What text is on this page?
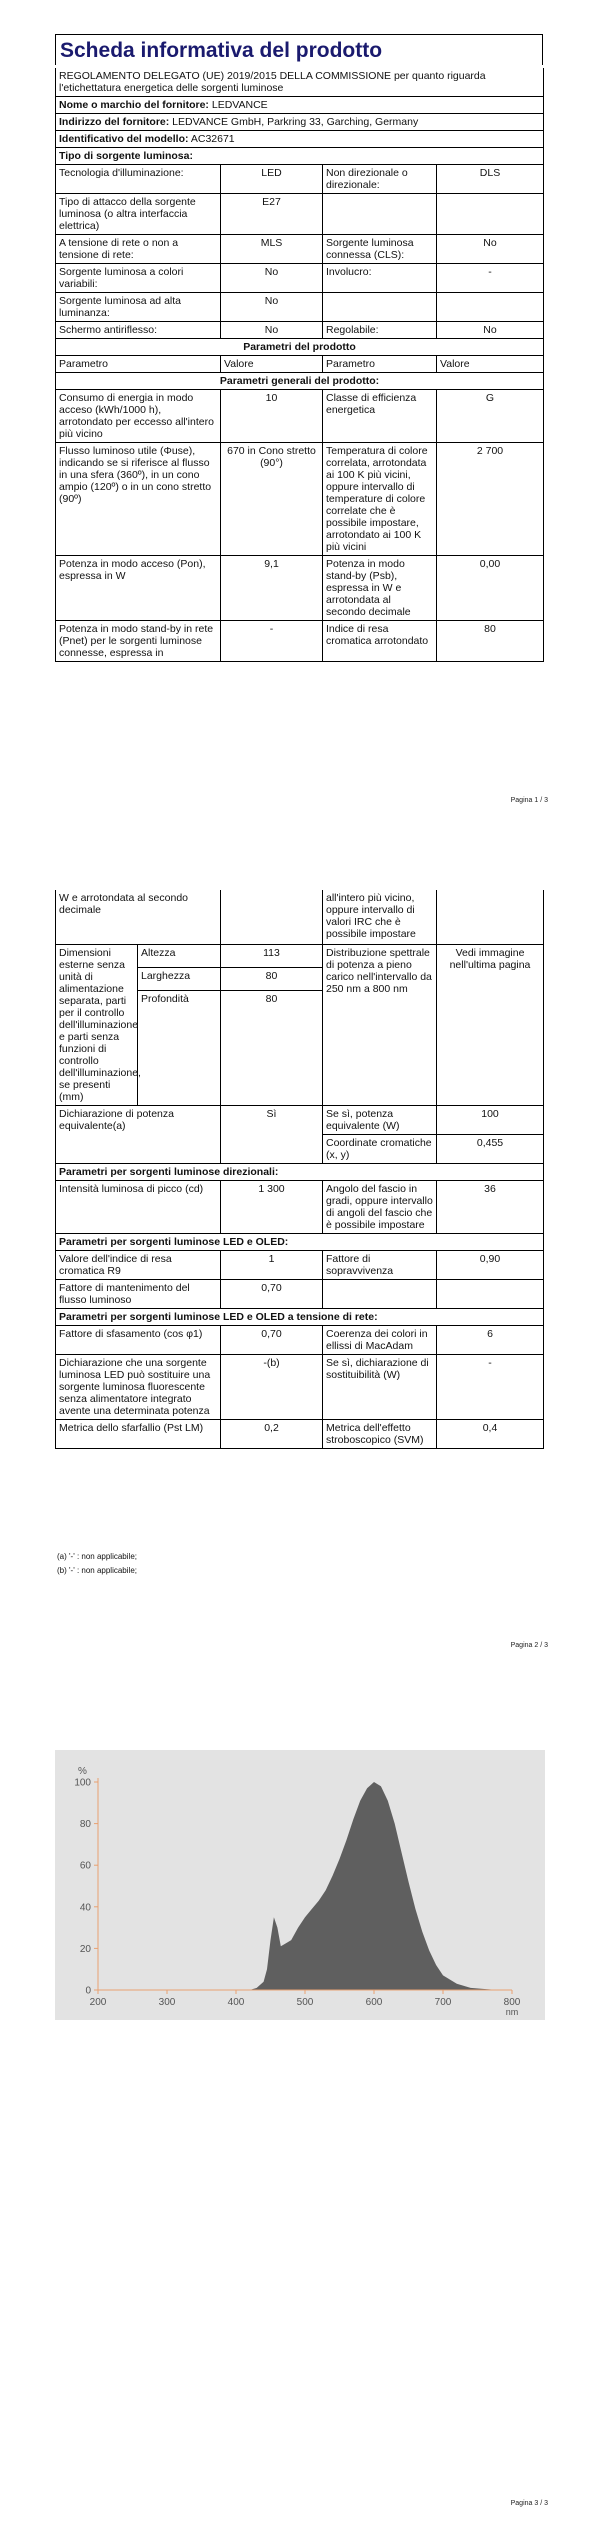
Scheda informativa del prodotto
REGOLAMENTO DELEGATO (UE) 2019/2015 DELLA COMMISSIONE per quanto riguarda l'etichettatura energetica delle sorgenti luminose			
Nome o marchio del fornitore: LEDVANCE			
Indirizzo del fornitore: LEDVANCE GmbH, Parkring 33, Garching, Germany			
Identificativo del modello: AC32671			
Tipo di sorgente luminosa:			
Tecnologia d'illuminazione:	LED	Non direzionale o direzionale:	DLS
Tipo di attacco della sorgente luminosa (o altra interfaccia elettrica)	E27		
A tensione di rete o non a tensione di rete:	MLS	Sorgente luminosa connessa (CLS):	No
Sorgente luminosa a colori variabili:	No	Involucro:	-
Sorgente luminosa ad alta luminanza:	No		
Schermo antiriflesso:	No	Regolabile:	No
Parametri del prodotto			
Parametro	Valore	Parametro	Valore
Parametri generali del prodotto:			
Consumo di energia in modo acceso (kWh/1000 h), arrotondato per eccesso all'intero più vicino	10	Classe di efficienza energetica	G
Flusso luminoso utile (Φuse), indicando se si riferisce al flusso in una sfera (360º), in un cono ampio (120º) o in un cono stretto (90º)	670 in Cono stretto (90°)	Temperatura di colore correlata, arrotondata ai 100 K più vicini, oppure intervallo di temperature di colore correlate che è possibile impostare, arrotondato ai 100 K più vicini	2 700
Potenza in modo acceso (Pon), espressa in W	9,1	Potenza in modo stand-by (Psb), espressa in W e arrotondata al secondo decimale	0,00
Potenza in modo stand-by in rete (Pnet) per le sorgenti luminose connesse, espressa in	-	Indice di resa cromatica arrotondato	80
Pagina 1 / 3
W e arrotondata al secondo decimale			all'intero più vicino, oppure intervallo di valori IRC che è possibile impostare	
Dimensioni esterne senza unità di alimentazione separata, parti per il controllo dell'illuminazione e parti senza funzioni di controllo dell'illuminazione, se presenti (mm)	Altezza	113	Distribuzione spettrale di potenza a pieno carico nell'intervallo da 250 nm a 800 nm	Vedi immagine nell'ultima pagina
	Larghezza	80		
	Profondità	80		
Dichiarazione di potenza equivalente(a)		Sì	Se sì, potenza equivalente (W)	100
			Coordinate cromatiche (x, y)	0,455
Parametri per sorgenti luminose direzionali:				
Intensità luminosa di picco (cd)		1 300	Angolo del fascio in gradi, oppure intervallo di angoli del fascio che è possibile impostare	36
Parametri per sorgenti luminose LED e OLED:				
Valore dell'indice di resa cromatica R9		1	Fattore di sopravvivenza	0,90
Fattore di mantenimento del flusso luminoso		0,70		
Parametri per sorgenti luminose LED e OLED a tensione di rete:				
Fattore di sfasamento (cos φ1)		0,70	Coerenza dei colori in ellissi di MacAdam	6
Dichiarazione che una sorgente luminosa LED può sostituire una sorgente luminosa fluorescente senza alimentatore integrato avente una determinata potenza		-(b)	Se sì, dichiarazione di sostituibilità (W)	-
Metrica dello sfarfallio (Pst LM)		0,2	Metrica dell'effetto stroboscopico (SVM)	0,4
(a) '-' : non applicabile;
(b) '-' : non applicabile;
Pagina 2 / 3
Pagina 3 / 3
0
20
40
60
80
100
200	300	400	500	600	700	800
%
nm
